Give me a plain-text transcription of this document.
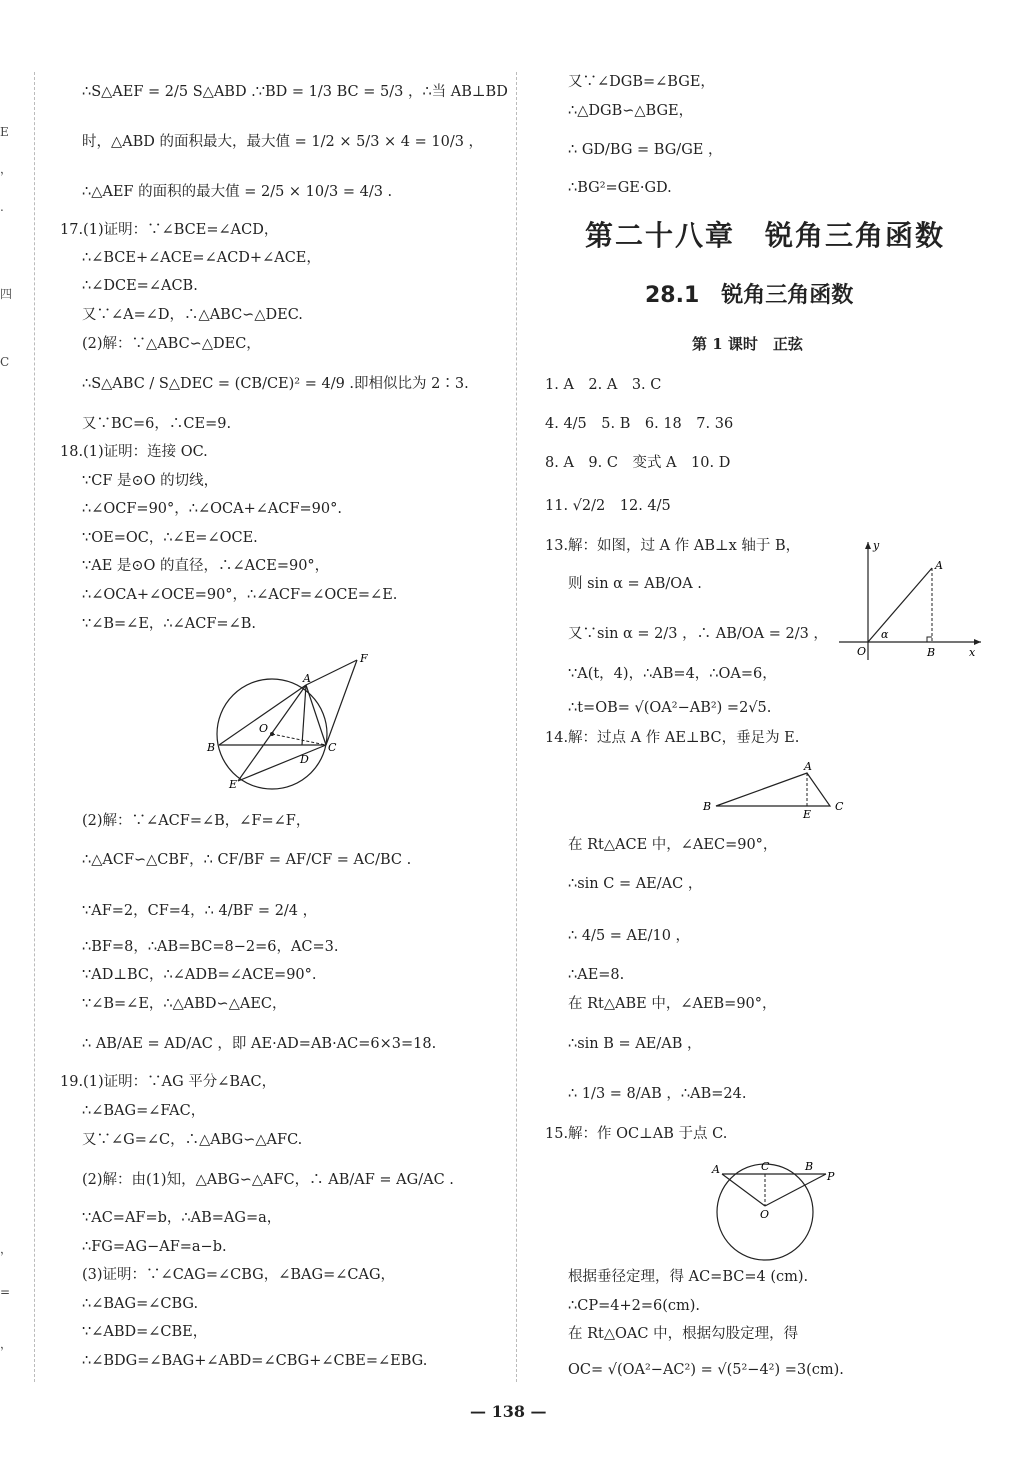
E
，
.
四
C
，
=
，
∴S△AEF = 2/5 S△ABD .∵BD = 1/3 BC = 5/3 ，∴当 AB⊥BD
时，△ABD 的面积最大，最大值 = 1/2 × 5/3 × 4 = 10/3 ，
∴△AEF 的面积的最大值 = 2/5 × 10/3 = 4/3 .
17.(1)证明：∵∠BCE=∠ACD，
∴∠BCE+∠ACE=∠ACD+∠ACE，
∴∠DCE=∠ACB.
又∵∠A=∠D，∴△ABC∽△DEC.
(2)解：∵△ABC∽△DEC，
∴S△ABC / S△DEC = (CB/CE)² = 4/9 .即相似比为 2∶3.
又∵BC=6，∴CE=9.
18.(1)证明：连接 OC.
∵CF 是⊙O 的切线，
∴∠OCF=90°，∴∠OCA+∠ACF=90°.
∵OE=OC，∴∠E=∠OCE.
∵AE 是⊙O 的直径，∴∠ACE=90°，
∴∠OCA+∠OCE=90°，∴∠ACF=∠OCE=∠E.
∵∠B=∠E，∴∠ACF=∠B.
A
B	C
D
E
F
O
(2)解：∵∠ACF=∠B，∠F=∠F，
∴△ACF∽△CBF，∴ CF/BF = AF/CF = AC/BC .
∵AF=2，CF=4，∴ 4/BF = 2/4 ，
∴BF=8，∴AB=BC=8−2=6，AC=3.
∵AD⊥BC，∴∠ADB=∠ACE=90°.
∵∠B=∠E，∴△ABD∽△AEC，
∴ AB/AE = AD/AC ，即 AE·AD=AB·AC=6×3=18.
19.(1)证明：∵AG 平分∠BAC，
∴∠BAG=∠FAC，
又∵∠G=∠C，∴△ABG∽△AFC.
(2)解：由(1)知，△ABG∽△AFC，∴ AB/AF = AG/AC .
∵AC=AF=b，∴AB=AG=a，
∴FG=AG−AF=a−b.
(3)证明：∵∠CAG=∠CBG，∠BAG=∠CAG，
∴∠BAG=∠CBG.
∵∠ABD=∠CBE，
∴∠BDG=∠BAG+∠ABD=∠CBG+∠CBE=∠EBG.
又∵∠DGB=∠BGE，
∴△DGB∽△BGE，
∴ GD/BG = BG/GE ，
∴BG²=GE·GD.
第二十八章　锐角三角函数
28.1　锐角三角函数
第 1 课时　正弦
1. A　2. A　3. C
4. 4/5　5. B　6. 18　7. 36
8. A　9. C　变式 A　10. D
11. √2/2　12. 4/5
13.解：如图，过 A 作 AB⊥x 轴于 B，
则 sin α = AB/OA .
又∵sin α = 2/3 ，∴ AB/OA = 2/3 ，
∵A(t，4)，∴AB=4，∴OA=6，
∴t=OB= √(OA²−AB²) =2√5.
y
A
α
O	B	x
14.解：过点 A 作 AE⊥BC，垂足为 E.
A
B	C
E
在 Rt△ACE 中，∠AEC=90°，
∴sin C = AE/AC ，
∴ 4/5 = AE/10 ，
∴AE=8.
在 Rt△ABE 中，∠AEB=90°，
∴sin B = AE/AB ，
∴ 1/3 = 8/AB ，∴AB=24.
15.解：作 OC⊥AB 于点 C.
A	C	B
P
O
根据垂径定理，得 AC=BC=4 (cm).
∴CP=4+2=6(cm).
在 Rt△OAC 中，根据勾股定理，得
OC= √(OA²−AC²) = √(5²−4²) =3(cm).
— 138 —
